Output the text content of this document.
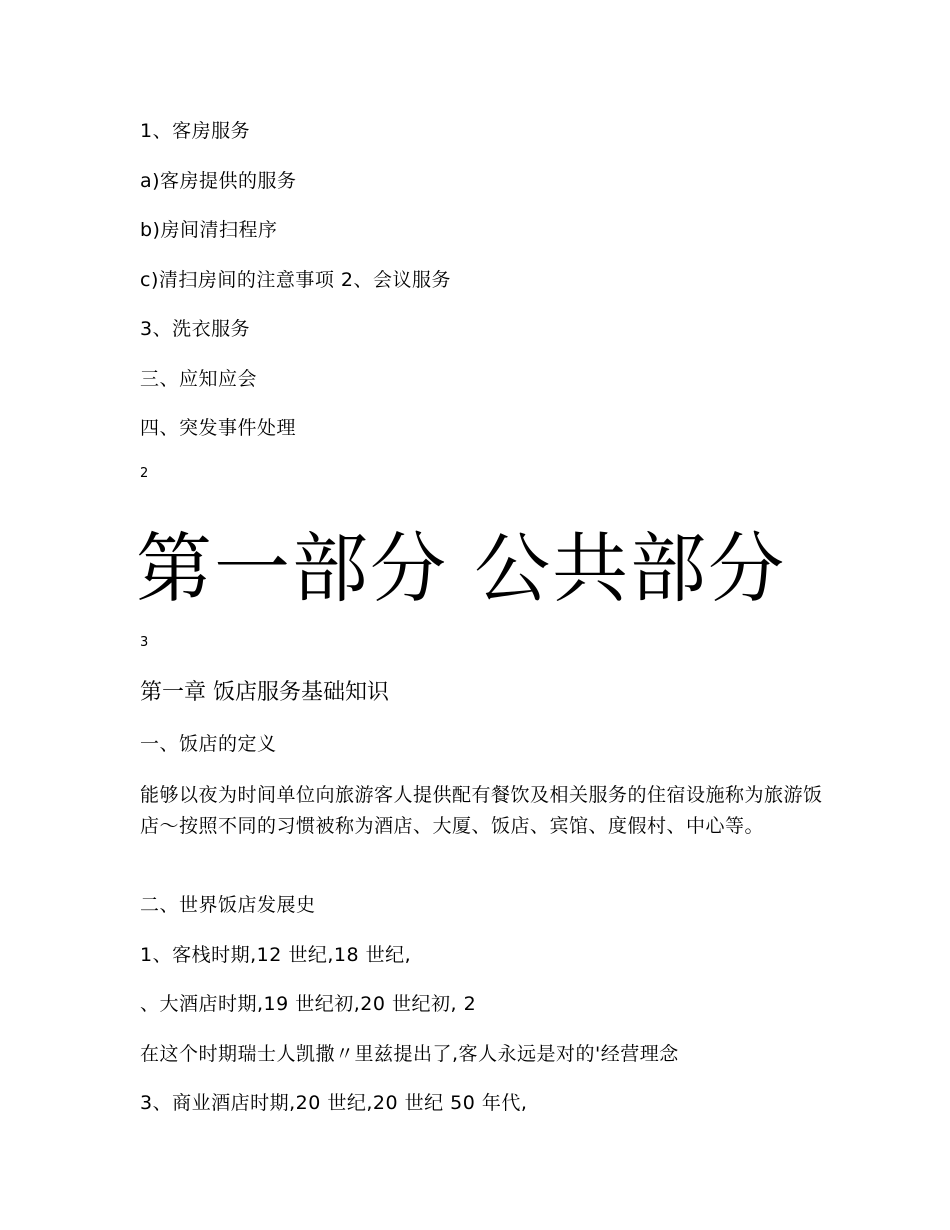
1、客房服务
a)客房提供的服务
b)房间清扫程序
c)清扫房间的注意事项 2、会议服务
3、洗衣服务
三、应知应会
四、突发事件处理
2
第一部分 公共部分
3
第一章 饭店服务基础知识
一、饭店的定义
能够以夜为时间单位向旅游客人提供配有餐饮及相关服务的住宿设施称为旅游饭店～按照不同的习惯被称为酒店、大厦、饭店、宾馆、度假村、中心等。
二、世界饭店发展史
1、客栈时期,12 世纪,18 世纪,
、大酒店时期,19 世纪初,20 世纪初, 2
在这个时期瑞士人凯撒〃里兹提出了,客人永远是对的'经营理念
3、商业酒店时期,20 世纪,20 世纪 50 年代,
